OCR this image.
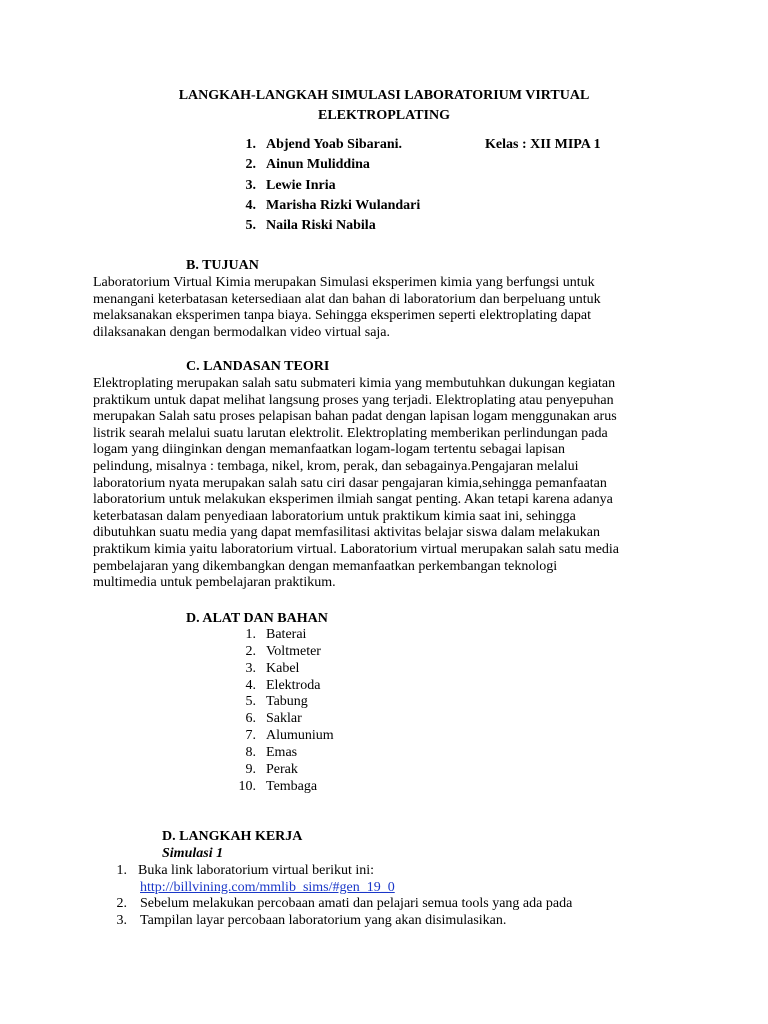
LANGKAH-LANGKAH SIMULASI LABORATORIUM VIRTUAL
ELEKTROPLATING
1. Abjend Yoab Sibarani.
2. Ainun Muliddina
3. Lewie Inria
4. Marisha Rizki Wulandari
5. Naila Riski Nabila
Kelas : XII MIPA 1
B. TUJUAN
Laboratorium Virtual Kimia merupakan Simulasi eksperimen kimia yang berfungsi untuk
menangani keterbatasan ketersediaan alat dan bahan di laboratorium dan berpeluang untuk
melaksanakan eksperimen tanpa biaya. Sehingga eksperimen seperti elektroplating dapat
dilaksanakan dengan bermodalkan video virtual saja.
C. LANDASAN TEORI
Elektroplating merupakan salah satu submateri kimia yang membutuhkan dukungan kegiatan
praktikum untuk dapat melihat langsung proses yang terjadi. Elektroplating atau penyepuhan
merupakan Salah satu proses pelapisan bahan padat dengan lapisan logam menggunakan arus
listrik searah melalui suatu larutan elektrolit. Elektroplating memberikan perlindungan pada
logam yang diinginkan dengan memanfaatkan logam-logam tertentu sebagai lapisan
pelindung, misalnya : tembaga, nikel, krom, perak, dan sebagainya.Pengajaran melalui
laboratorium nyata merupakan salah satu ciri dasar pengajaran kimia,sehingga pemanfaatan
laboratorium untuk melakukan eksperimen ilmiah sangat penting. Akan tetapi karena adanya
keterbatasan dalam penyediaan laboratorium untuk praktikum kimia saat ini, sehingga
dibutuhkan suatu media yang dapat memfasilitasi aktivitas belajar siswa dalam melakukan
praktikum kimia yaitu laboratorium virtual. Laboratorium virtual merupakan salah satu media
pembelajaran yang dikembangkan dengan memanfaatkan perkembangan teknologi
multimedia untuk pembelajaran praktikum.
D. ALAT DAN BAHAN
1. Baterai
2. Voltmeter
3. Kabel
4. Elektroda
5. Tabung
6. Saklar
7. Alumunium
8. Emas
9. Perak
10. Tembaga
D. LANGKAH KERJA
Simulasi 1
1. Buka link laboratorium virtual berikut ini:
http://billvining.com/mmlib_sims/#gen_19_0
2. Sebelum melakukan percobaan amati dan pelajari semua tools yang ada pada
3. Tampilan layar percobaan laboratorium yang akan disimulasikan.
